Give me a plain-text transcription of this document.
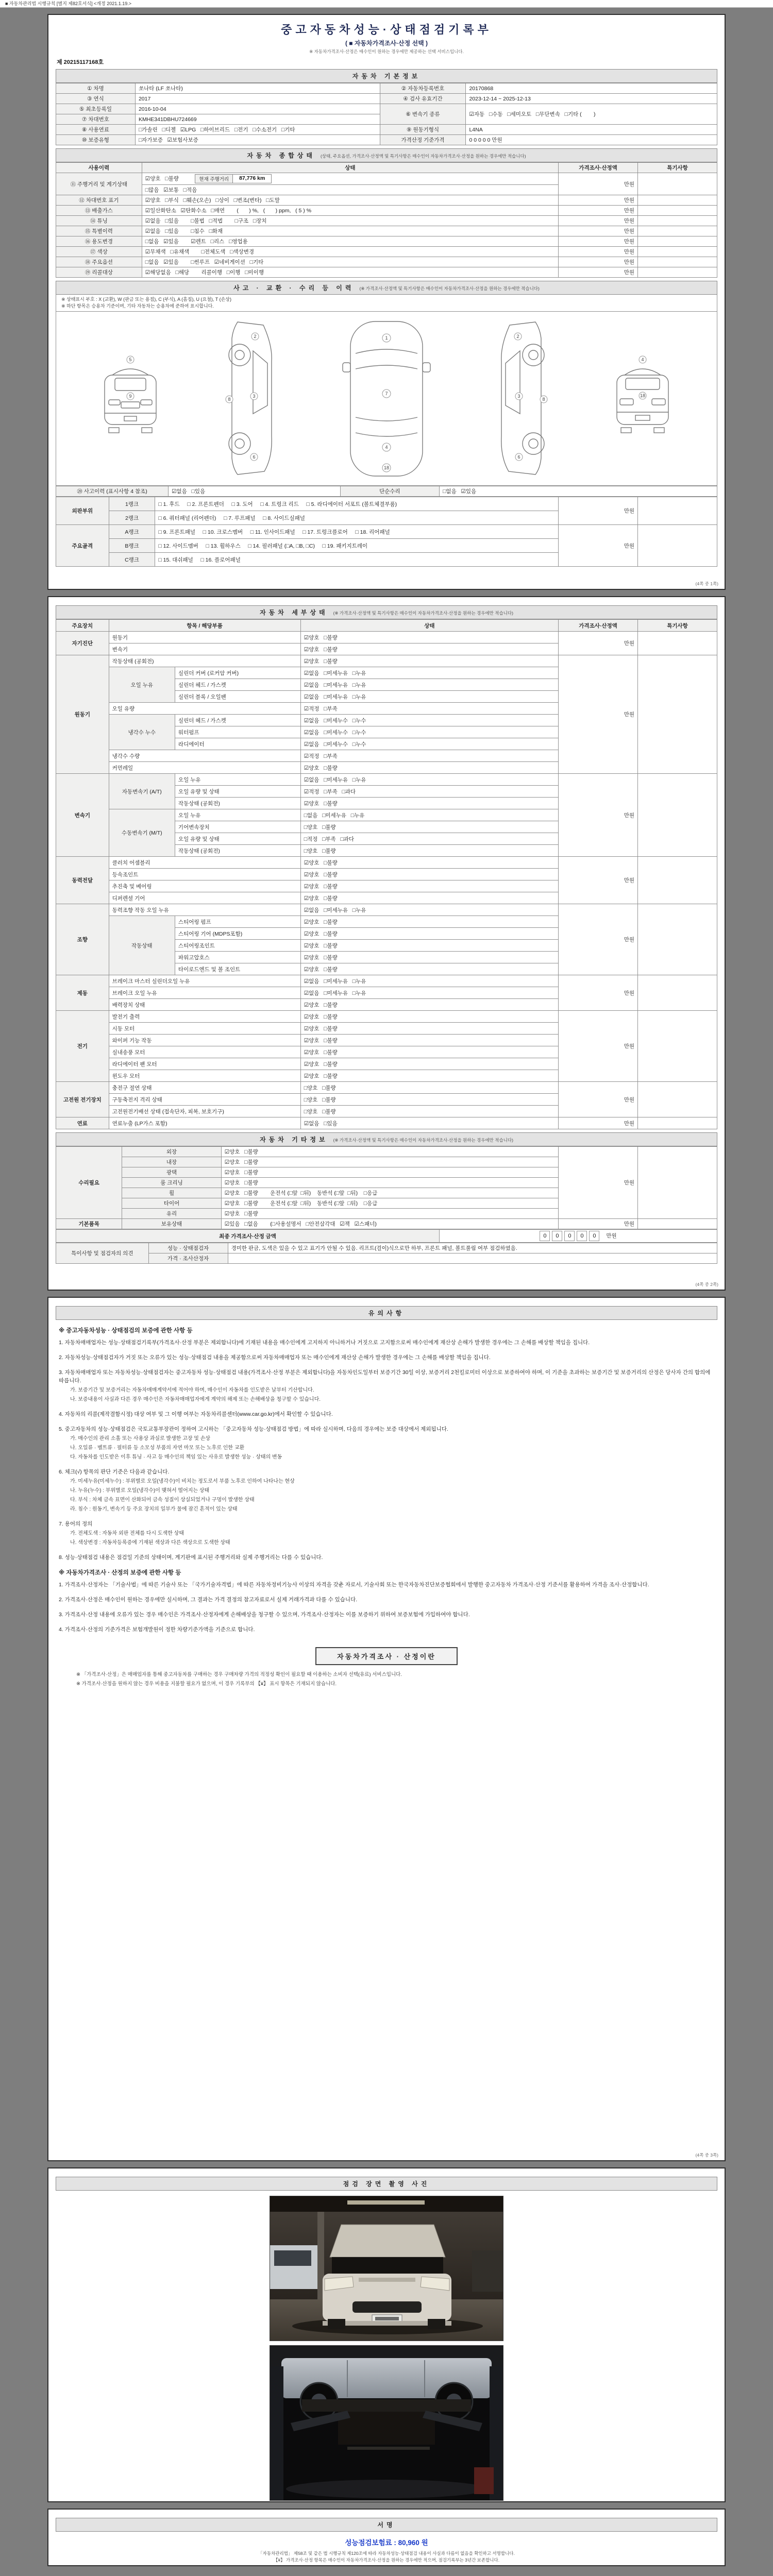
■ 자동차관리법 시행규칙 [별지 제82호서식] <개정 2021.1.19.>
중고자동차성능·상태점검기록부
( ■ 자동차가격조사·산정 선택 )
※ 자동차가격조사·산정은 매수인이 원하는 경우에만 제공하는 선택 서비스입니다.
제 20215117168호
자동차 기본정보
① 차명	쏘나타 (LF 쏘나타)	② 자동차등록번호	20170868
③ 연식	2017	④ 검사 유효기간	2023-12-14 ~ 2025-12-13
⑤ 최초등록일	2016-10-04	⑥ 변속기 종류	☑자동   □수동   □세미오토   □무단변속   □기타 (        )
⑦ 차대번호	KMHE341DBHU724669		
⑧ 사용연료	□가솔린   □디젤   ☑LPG   □하이브리드   □전기   □수소전기   □기타	⑨ 원동기형식	L4NA
⑩ 보증유형	□자가보증   ☑보험사보증	가격산정 기준가격	0 0 0 0 0 만원
자동차 종합상태 (상태, 주요옵션, 가격조사·산정액 및 특기사항은 매수인이 자동차가격조사·산정을 원하는 경우에만 적습니다)
사용이력	상태	가격조사·산정액	특기사항
⑪ 주행거리 및 계기상태	☑양호   □불량 현재 주행거리 87,776 km	만원	
	□많음   ☑보통   □적음		
⑫ 차대번호 표기	☑양호   □부식   □훼손(오손)   □상이   □변조(변타)   □도말	만원	
⑬ 배출가스	☑일산화탄소   ☑탄화수소   □매연        (       ) %,   (       ) ppm,   ( 5 ) %	만원	
⑭ 튜닝	☑없음   □있음        □불법   □적법        □구조   □장치	만원	
⑮ 특별이력	☑없음   □있음        □침수   □화재	만원	
⑯ 용도변경	□없음   ☑있음        ☑렌트   □리스   □영업용	만원	
⑰ 색상	☑무채색   □유채색        □전체도색   □색상변경	만원	
⑱ 주요옵션	□없음   ☑있음        □썬루프   ☑네비게이션   □기타	만원	
⑲ 리콜대상	☑해당없음   □해당        리콜이행   □이행   □미이행	만원	
사고 · 교환 · 수리 등 이력 (※ 가격조사·산정액 및 특기사항은 매수인이 자동차가격조사·산정을 원하는 경우에만 적습니다)
※ 상태표시 부호 : X (교환), W (판금 또는 용접), C (부식), A (흠집), U (요철), T (손상)
※ 하단 항목은 승용차 기준이며, 기타 자동차는 승용차에 준하여 표시합니다.
5
9
2
3
6
8
1
7
4
18
2
3
6
8
4
18
⑳ 사고이력 (표시사항 4 참조)	☑없음   □있음	단순수리	□없음   ☑있음
외판부위	1랭크	□ 1. 후드     □ 2. 프론트펜더     □ 3. 도어     □ 4. 트렁크 리드     □ 5. 라디에이터 서포트 (볼트체결부품)	만원	
	2랭크	□ 6. 쿼터패널 (리어펜더)     □ 7. 루프패널     □ 8. 사이드실패널		
주요골격	A랭크	□ 9. 프론트패널     □ 10. 크로스멤버     □ 11. 인사이드패널     □ 17. 트렁크플로어     □ 18. 리어패널	만원	
	B랭크	□ 12. 사이드멤버     □ 13. 휠하우스     □ 14. 필러패널 (□A, □B, □C)     □ 19. 패키지트레이		
	C랭크	□ 15. 대쉬패널     □ 16. 플로어패널		
(4쪽 중 1쪽)
자동차 세부상태 (※ 가격조사·산정액 및 특기사항은 매수인이 자동차가격조사·산정을 원하는 경우에만 적습니다)
주요장치	항목 / 해당부품		상태	가격조사·산정액	특기사항
자기진단	원동기		☑양호   □불량	만원	
	변속기		☑양호   □불량		
원동기	작동상태 (공회전)		☑양호   □불량	만원	
	오일 누유	실린더 커버 (로커암 커버)	☑없음   □미세누유   □누유		
		실린더 헤드 / 가스켓	☑없음   □미세누유   □누유		
		실린더 블록 / 오일팬	☑없음   □미세누유   □누유		
	오일 유량		☑적정   □부족		
	냉각수 누수	실린더 헤드 / 가스켓	☑없음   □미세누수   □누수		
		워터펌프	☑없음   □미세누수   □누수		
		라디에이터	☑없음   □미세누수   □누수		
	냉각수 수량		☑적정   □부족		
	커먼레일		☑양호   □불량		
변속기	자동변속기 (A/T)	오일 누유	☑없음   □미세누유   □누유	만원	
		오일 유량 및 상태	☑적정   □부족   □과다		
		작동상태 (공회전)	☑양호   □불량		
	수동변속기 (M/T)	오일 누유	□없음   □미세누유   □누유		
		기어변속장치	□양호   □불량		
		오일 유량 및 상태	□적정   □부족   □과다		
		작동상태 (공회전)	□양호   □불량		
동력전달	클러치 어셈블리		☑양호   □불량	만원	
	등속조인트		☑양호   □불량		
	추진축 및 베어링		☑양호   □불량		
	디퍼렌셜 기어		☑양호   □불량		
조향	동력조향 작동 오일 누유		☑없음   □미세누유   □누유	만원	
	작동상태	스티어링 펌프	☑양호   □불량		
		스티어링 기어 (MDPS포함)	☑양호   □불량		
		스티어링조인트	☑양호   □불량		
		파워고압호스	☑양호   □불량		
		타이로드엔드 및 볼 조인트	☑양호   □불량		
제동	브레이크 마스터 실린더오일 누유		☑없음   □미세누유   □누유	만원	
	브레이크 오일 누유		☑없음   □미세누유   □누유		
	배력장치 상태		☑양호   □불량		
전기	발전기 출력		☑양호   □불량	만원	
	시동 모터		☑양호   □불량		
	와이퍼 기능 작동		☑양호   □불량		
	실내송풍 모터		☑양호   □불량		
	라디에이터 팬 모터		☑양호   □불량		
	윈도우 모터		☑양호   □불량		
고전원 전기장치	충전구 절연 상태		□양호   □불량	만원	
	구동축전지 격리 상태		□양호   □불량		
	고전원전기배선 상태 (접속단자, 피복, 보호기구)		□양호   □불량		
연료	연료누출 (LP가스 포함)		☑없음   □있음	만원	
자동차 기타정보 (※ 가격조사·산정액 및 특기사항은 매수인이 자동차가격조사·산정을 원하는 경우에만 적습니다)
수리필요	외장	☑양호   □불량	만원	
	내장	☑양호   □불량		
	광택	☑양호   □불량		
	룸 크리닝	☑양호   □불량		
	휠	☑양호   □불량        운전석 (□앞  □뒤)    동반석 (□앞  □뒤)    □응급		
	타이어	☑양호   □불량        운전석 (□앞  □뒤)    동반석 (□앞  □뒤)    □응급		
	유리	☑양호   □불량		
기본품목	보유상태	☑있음   □없음        (□사용설명서   □안전삼각대   ☑잭   ☑스패너)	만원	
최종 가격조사·산정 금액	0 0 0 0 0 만원
특이사항 및 점검자의 의견	성능 · 상태점검자	경미한 판금, 도색은 있을 수 있고 표기가 안될 수 있음. 리프트(걸이)식으로만 하부, 프론트 패널, 볼트풀림 여부 점검하였음.
	가격 · 조사산정자	
(4쪽 중 2쪽)
유의사항
※ 중고자동차성능 · 상태점검의 보증에 관한 사항 등
1. 자동차매매업자는 성능·상태점검기록부(가격조사·산정 부분은 제외합니다)에 기재된 내용을 매수인에게 고지하지 아니하거나 거짓으로 고지함으로써 매수인에게 재산상 손해가 발생한 경우에는 그 손해를 배상할 책임을 집니다.
2. 자동차성능·상태점검자가 거짓 또는 오류가 있는 성능·상태점검 내용을 제공함으로써 자동차매매업자 또는 매수인에게 재산상 손해가 발생한 경우에는 그 손해를 배상할 책임을 집니다.
3. 자동차매매업자 또는 자동차성능·상태점검자는 중고자동차 성능·상태점검 내용(가격조사·산정 부분은 제외합니다)을 자동차인도일부터 보증기간 30일 이상, 보증거리 2천킬로미터 이상으로 보증하여야 하며, 이 기준을 초과하는 보증기간 및 보증거리의 산정은 당사자 간의 합의에 따릅니다.
가. 보증기간 및 보증거리는 자동차매매계약서에 적어야 하며, 매수인이 자동차를 인도받은 날부터 기산합니다.
나. 보증내용이 사실과 다른 경우 매수인은 자동차매매업자에게 계약의 해제 또는 손해배상을 청구할 수 있습니다.
4. 자동차의 리콜(제작결함시정) 대상 여부 및 그 이행 여부는 자동차리콜센터(www.car.go.kr)에서 확인할 수 있습니다.
5. 중고자동차의 성능·상태점검은 국토교통부장관이 정하여 고시하는 「중고자동차 성능·상태점검 방법」에 따라 실시하며, 다음의 경우에는 보증 대상에서 제외됩니다.
가. 매수인의 관리 소홀 또는 사용상 과실로 발생한 고장 및 손상
나. 오일류 · 벨트류 · 필터류 등 소모성 부품의 자연 마모 또는 노후로 인한 교환
다. 자동차를 인도받은 이후 튜닝 · 사고 등 매수인의 책임 있는 사유로 발생한 성능 · 상태의 변동
6. 체크(√) 항목의 판단 기준은 다음과 같습니다.
가. 미세누유(미세누수) : 부위별로 오일(냉각수)이 비치는 정도로서 부품 노후로 인하여 나타나는 현상
나. 누유(누수) : 부위별로 오일(냉각수)이 맺혀서 떨어지는 상태
다. 부식 : 차체 금속 표면이 산화되어 금속 성질이 상실되었거나 구멍이 발생한 상태
라. 침수 : 원동기, 변속기 등 주요 장치의 일부가 물에 잠긴 흔적이 있는 상태
7. 용어의 정의
가. 전체도색 : 자동차 외판 전체를 다시 도색한 상태
나. 색상변경 : 자동차등록증에 기재된 색상과 다른 색상으로 도색한 상태
8. 성능·상태점검 내용은 점검일 기준의 상태이며, 계기판에 표시된 주행거리와 실제 주행거리는 다를 수 있습니다.
※ 자동차가격조사 · 산정의 보증에 관한 사항 등
1. 가격조사·산정자는 「기술사법」에 따른 기술사 또는 「국가기술자격법」에 따른 자동차정비기능사 이상의 자격을 갖춘 자로서, 기술사회 또는 한국자동차진단보증협회에서 발행한 중고자동차 가격조사·산정 기준서를 활용하여 가격을 조사·산정합니다.
2. 가격조사·산정은 매수인이 원하는 경우에만 실시하며, 그 결과는 가격 결정의 참고자료로서 실제 거래가격과 다를 수 있습니다.
3. 가격조사·산정 내용에 오류가 있는 경우 매수인은 가격조사·산정자에게 손해배상을 청구할 수 있으며, 가격조사·산정자는 이를 보증하기 위하여 보증보험에 가입하여야 합니다.
4. 가격조사·산정의 기준가격은 보험개발원이 정한 차량기준가액을 기준으로 합니다.
자동차가격조사 · 산정이란
※ 「가격조사·산정」은 매매업자를 통해 중고자동차를 구매하는 경우 구매차량 가격의 적정성 확인이 필요할 때 이용하는 소비자 선택(유료) 서비스입니다.
※ 가격조사·산정을 원하지 않는 경우 비용을 지불할 필요가 없으며, 이 경우 기록부의 【¥】 표시 항목은 기재되지 않습니다.
(4쪽 중 3쪽)
점검 장면 촬영 사진
서명
성능점검보험료 : 80,960 원
「자동차관리법」 제58조 및 같은 법 시행규칙 제120조에 따라 자동차성능·상태점검 내용이 사실과 다름이 없음을 확인하고 서명합니다.
【¥】 가격조사·산정 항목은 매수인이 자동차가격조사·산정을 원하는 경우에만 적으며, 점검기록부는 3년간 보존합니다.
